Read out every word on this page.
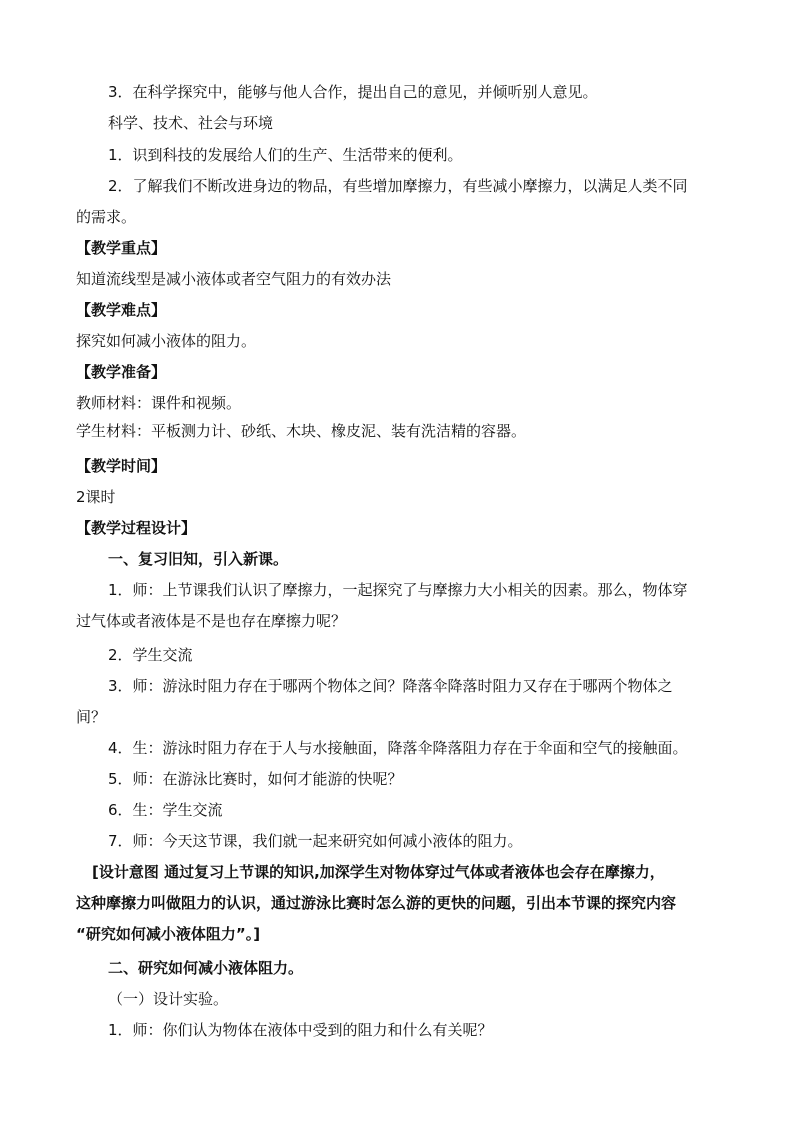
3．在科学探究中，能够与他人合作，提出自己的意见，并倾听别人意见。
科学、技术、社会与环境
1．识到科技的发展给人们的生产、生活带来的便利。
2．了解我们不断改进身边的物品，有些增加摩擦力，有些减小摩擦力，以满足人类不同
的需求。
【教学重点】
知道流线型是减小液体或者空气阻力的有效办法
【教学难点】
探究如何减小液体的阻力。
【教学准备】
教师材料：课件和视频。
学生材料：平板测力计、砂纸、木块、橡皮泥、装有洗洁精的容器。
【教学时间】
2课时
【教学过程设计】
一、复习旧知，引入新课。
1．师：上节课我们认识了摩擦力，一起探究了与摩擦力大小相关的因素。那么，物体穿
过气体或者液体是不是也存在摩擦力呢？
2．学生交流
3．师：游泳时阻力存在于哪两个物体之间？降落伞降落时阻力又存在于哪两个物体之
间？
4．生：游泳时阻力存在于人与水接触面，降落伞降落阻力存在于伞面和空气的接触面。
5．师：在游泳比赛时，如何才能游的快呢？
6．生：学生交流
7．师：今天这节课，我们就一起来研究如何减小液体的阻力。
[设计意图 通过复习上节课的知识,加深学生对物体穿过气体或者液体也会存在摩擦力，
这种摩擦力叫做阻力的认识，通过游泳比赛时怎么游的更快的问题，引出本节课的探究内容
“研究如何减小液体阻力”。]
二、研究如何减小液体阻力。
（一）设计实验。
1．师：你们认为物体在液体中受到的阻力和什么有关呢？
